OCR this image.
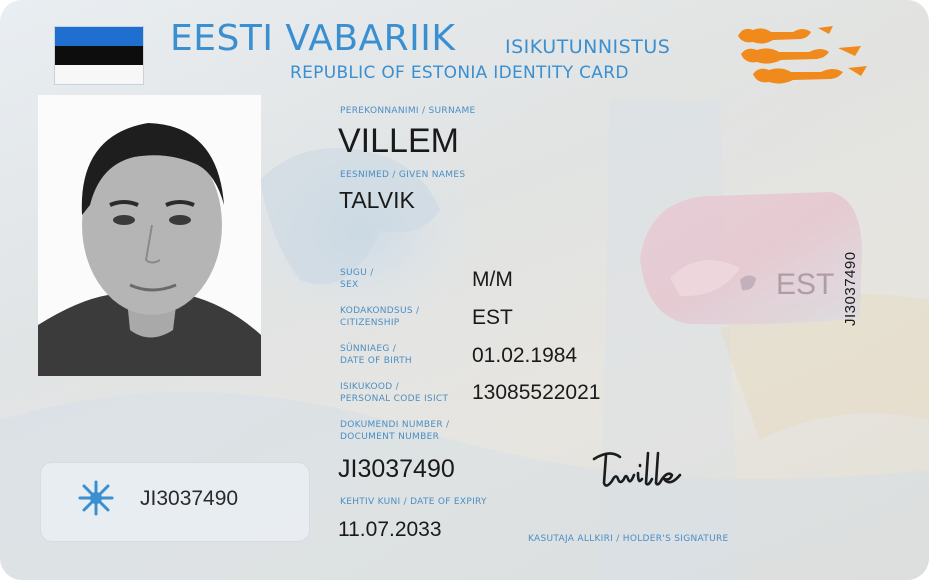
EESTI VABARIIK	ISIKUTUNNISTUS
REPUBLIC OF ESTONIA IDENTITY CARD
PEREKONNANIMI / SURNAME
VILLEM
EESNIMED / GIVEN NAMES
TALVIK
SUGU /
SEX	M/M
KODAKONDSUS /
CITIZENSHIP	EST
SÜNNIAEG /
DATE OF BIRTH	01.02.1984
ISIKUKOOD /
PERSONAL CODE ISICT 13085522021
DOKUMENDI NUMBER /
DOCUMENT NUMBER
JI3037490
KEHTIV KUNI / DATE OF EXPIRY
11.07.2033	KASUTAJA ALLKIRI / HOLDER'S SIGNATURE
EST JI3037490
JI3037490
